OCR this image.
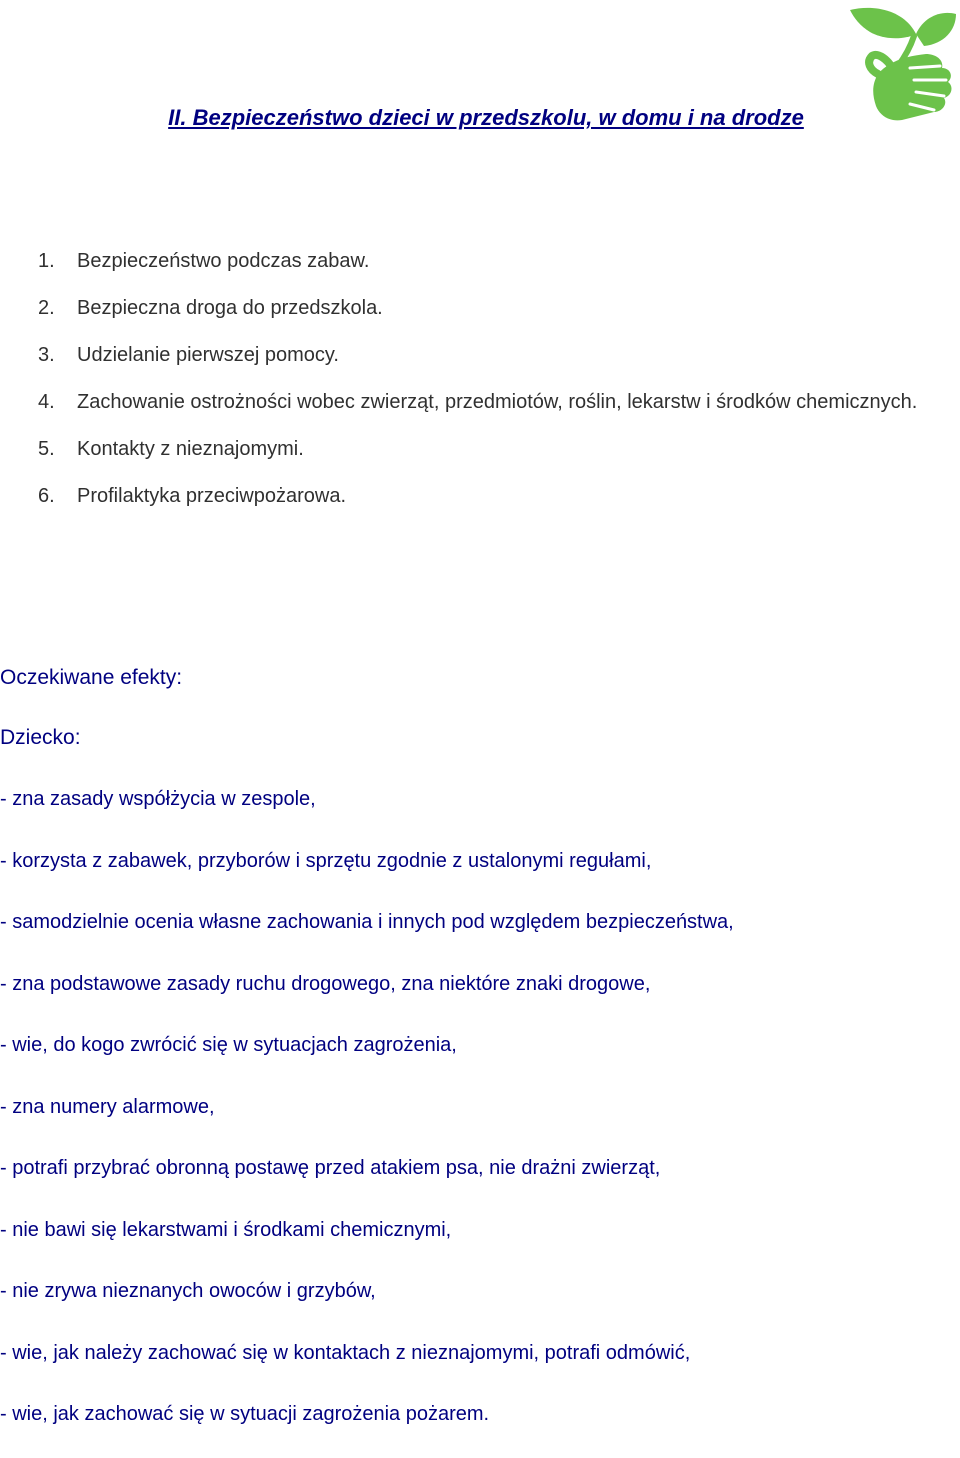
II. Bezpieczeństwo dzieci w przedszkolu, w domu i na drodze
1. Bezpieczeństwo podczas zabaw.
2. Bezpieczna droga do przedszkola.
3. Udzielanie pierwszej pomocy.
4. Zachowanie ostrożności wobec zwierząt, przedmiotów, roślin, lekarstw i środków chemicznych.
5. Kontakty z nieznajomymi.
6. Profilaktyka przeciwpożarowa.

Oczekiwane efekty:

Dziecko:

- zna zasady współżycia w zespole,
- korzysta z zabawek, przyborów i sprzętu zgodnie z ustalonymi regułami,
- samodzielnie ocenia własne zachowania i innych pod względem bezpieczeństwa,
- zna podstawowe zasady ruchu drogowego, zna niektóre znaki drogowe,
- wie, do kogo zwrócić się w sytuacjach zagrożenia,
- zna numery alarmowe,
- potrafi przybrać obronną postawę przed atakiem psa, nie drażni zwierząt,
- nie bawi się lekarstwami i środkami chemicznymi,
- nie zrywa nieznanych owoców i grzybów,
- wie, jak należy zachować się w kontaktach z nieznajomymi, potrafi odmówić,
- wie, jak zachować się w sytuacji zagrożenia pożarem.
